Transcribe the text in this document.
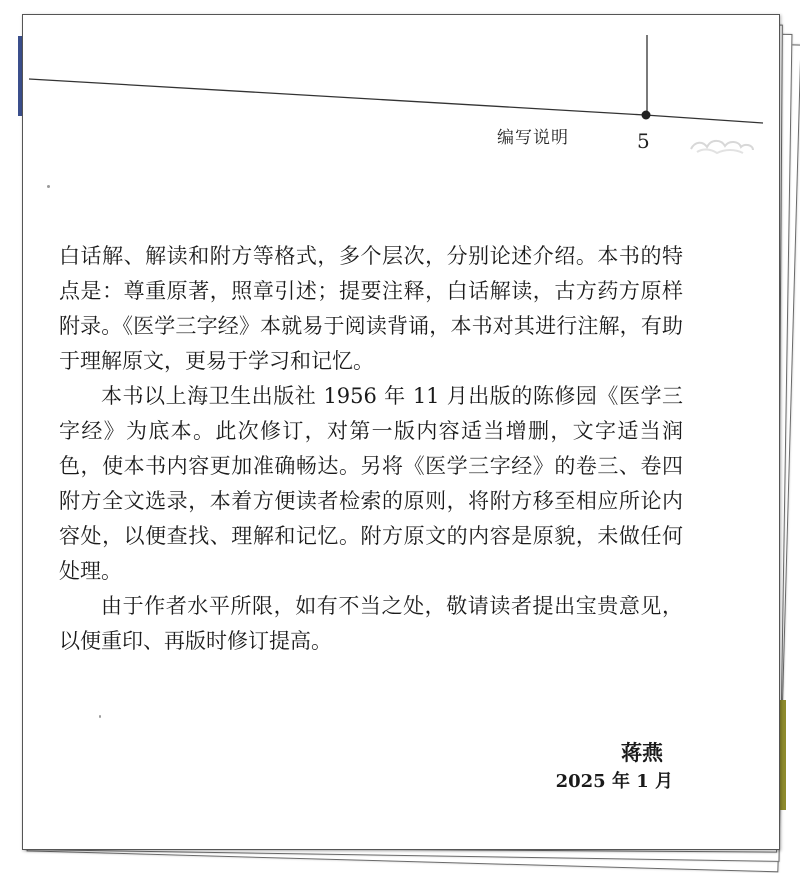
编写说明	5

白话解、解读和附方等格式，多个层次，分别论述介绍。本书的特点是：尊重原著，照章引述；提要注释，白话解读，古方药方原样附录。《医学三字经》本就易于阅读背诵，本书对其进行注解，有助于理解原文，更易于学习和记忆。

本书以上海卫生出版社 1956 年 11 月出版的陈修园《医学三字经》为底本。此次修订，对第一版内容适当增删，文字适当润色，使本书内容更加准确畅达。另将《医学三字经》的卷三、卷四附方全文选录，本着方便读者检索的原则，将附方移至相应所论内容处，以便查找、理解和记忆。附方原文的内容是原貌，未做任何处理。

由于作者水平所限，如有不当之处，敬请读者提出宝贵意见，以便重印、再版时修订提高。

蒋燕
2025 年 1 月
